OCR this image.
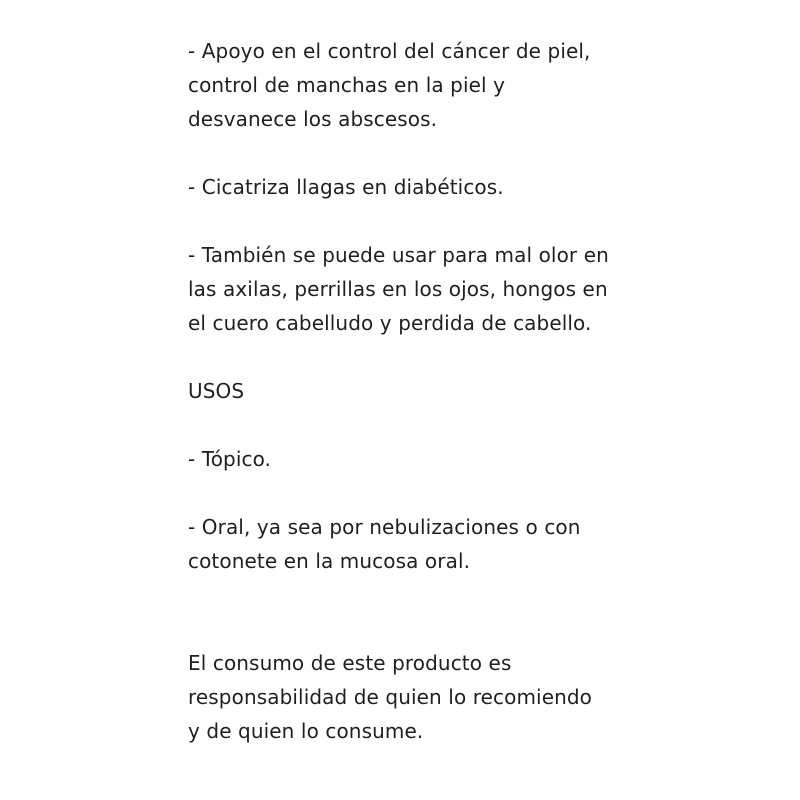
- Apoyo en el control del cáncer de piel,
control de manchas en la piel y
desvanece los abscesos.
- Cicatriza llagas en diabéticos.
- También se puede usar para mal olor en
las axilas, perrillas en los ojos, hongos en
el cuero cabelludo y perdida de cabello.
USOS
- Tópico.
- Oral, ya sea por nebulizaciones o con
cotonete en la mucosa oral.
El consumo de este producto es
responsabilidad de quien lo recomiendo
y de quien lo consume.
